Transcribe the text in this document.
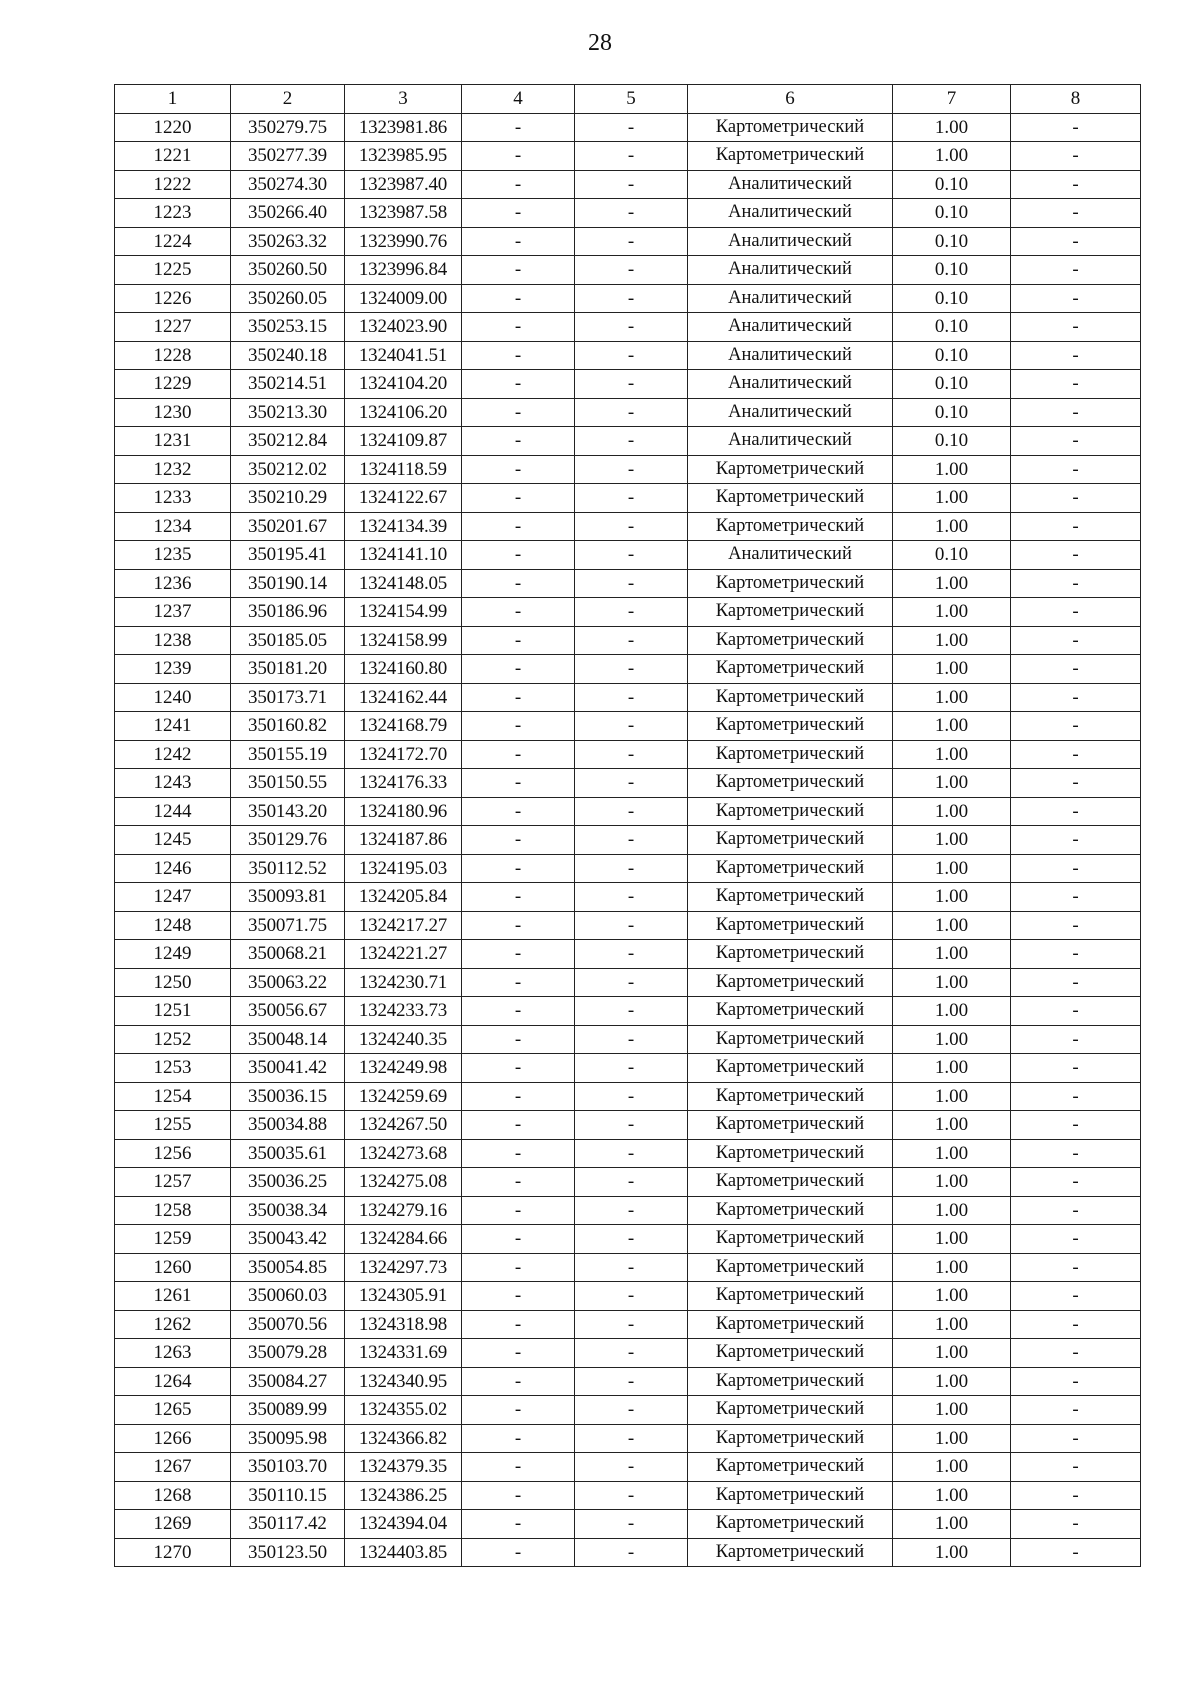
28
1	2	3	4	5	6	7	8
1220	350279.75	1323981.86	-	-	Картометрический	1.00	-
1221	350277.39	1323985.95	-	-	Картометрический	1.00	-
1222	350274.30	1323987.40	-	-	Аналитический	0.10	-
1223	350266.40	1323987.58	-	-	Аналитический	0.10	-
1224	350263.32	1323990.76	-	-	Аналитический	0.10	-
1225	350260.50	1323996.84	-	-	Аналитический	0.10	-
1226	350260.05	1324009.00	-	-	Аналитический	0.10	-
1227	350253.15	1324023.90	-	-	Аналитический	0.10	-
1228	350240.18	1324041.51	-	-	Аналитический	0.10	-
1229	350214.51	1324104.20	-	-	Аналитический	0.10	-
1230	350213.30	1324106.20	-	-	Аналитический	0.10	-
1231	350212.84	1324109.87	-	-	Аналитический	0.10	-
1232	350212.02	1324118.59	-	-	Картометрический	1.00	-
1233	350210.29	1324122.67	-	-	Картометрический	1.00	-
1234	350201.67	1324134.39	-	-	Картометрический	1.00	-
1235	350195.41	1324141.10	-	-	Аналитический	0.10	-
1236	350190.14	1324148.05	-	-	Картометрический	1.00	-
1237	350186.96	1324154.99	-	-	Картометрический	1.00	-
1238	350185.05	1324158.99	-	-	Картометрический	1.00	-
1239	350181.20	1324160.80	-	-	Картометрический	1.00	-
1240	350173.71	1324162.44	-	-	Картометрический	1.00	-
1241	350160.82	1324168.79	-	-	Картометрический	1.00	-
1242	350155.19	1324172.70	-	-	Картометрический	1.00	-
1243	350150.55	1324176.33	-	-	Картометрический	1.00	-
1244	350143.20	1324180.96	-	-	Картометрический	1.00	-
1245	350129.76	1324187.86	-	-	Картометрический	1.00	-
1246	350112.52	1324195.03	-	-	Картометрический	1.00	-
1247	350093.81	1324205.84	-	-	Картометрический	1.00	-
1248	350071.75	1324217.27	-	-	Картометрический	1.00	-
1249	350068.21	1324221.27	-	-	Картометрический	1.00	-
1250	350063.22	1324230.71	-	-	Картометрический	1.00	-
1251	350056.67	1324233.73	-	-	Картометрический	1.00	-
1252	350048.14	1324240.35	-	-	Картометрический	1.00	-
1253	350041.42	1324249.98	-	-	Картометрический	1.00	-
1254	350036.15	1324259.69	-	-	Картометрический	1.00	-
1255	350034.88	1324267.50	-	-	Картометрический	1.00	-
1256	350035.61	1324273.68	-	-	Картометрический	1.00	-
1257	350036.25	1324275.08	-	-	Картометрический	1.00	-
1258	350038.34	1324279.16	-	-	Картометрический	1.00	-
1259	350043.42	1324284.66	-	-	Картометрический	1.00	-
1260	350054.85	1324297.73	-	-	Картометрический	1.00	-
1261	350060.03	1324305.91	-	-	Картометрический	1.00	-
1262	350070.56	1324318.98	-	-	Картометрический	1.00	-
1263	350079.28	1324331.69	-	-	Картометрический	1.00	-
1264	350084.27	1324340.95	-	-	Картометрический	1.00	-
1265	350089.99	1324355.02	-	-	Картометрический	1.00	-
1266	350095.98	1324366.82	-	-	Картометрический	1.00	-
1267	350103.70	1324379.35	-	-	Картометрический	1.00	-
1268	350110.15	1324386.25	-	-	Картометрический	1.00	-
1269	350117.42	1324394.04	-	-	Картометрический	1.00	-
1270	350123.50	1324403.85	-	-	Картометрический	1.00	-
